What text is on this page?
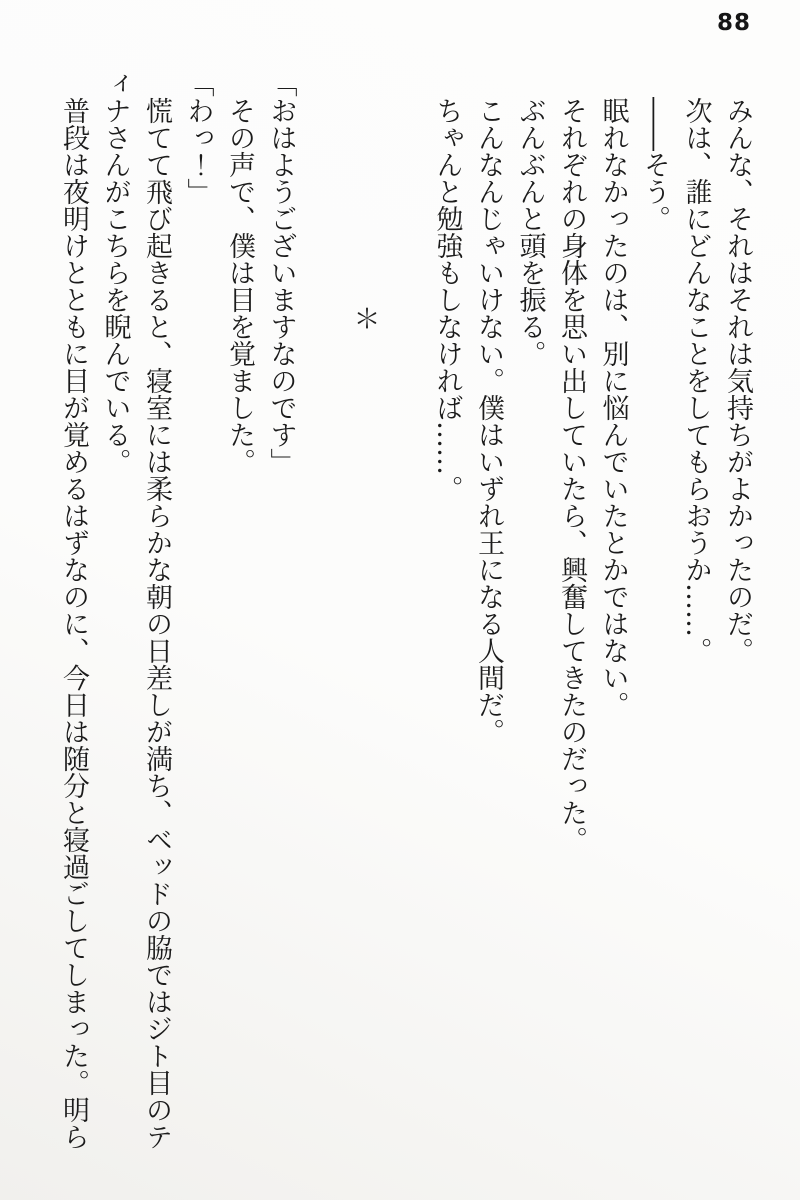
88

みんな、それはそれは気持ちがよかったのだ。

次は、誰にどんなことをしてもらおうか……。

――そう。

眠れなかったのは、別に悩んでいたとかではない。

それぞれの身体を思い出していたら、興奮してきたのだった。

ぶんぶんと頭を振る。

こんなんじゃいけない。僕はいずれ王になる人間だ。

ちゃんと勉強もしなければ……。

＊

「おはようございますなのです」

その声で、僕は目を覚ました。

「わっ！」

慌てて飛び起きると、寝室には柔らかな朝の日差しが満ち、ベッドの脇ではジト目のティナさんがこちらを睨んでいる。

普段は夜明けとともに目が覚めるはずなのに、今日は随分と寝過ごしてしまった。明ら
